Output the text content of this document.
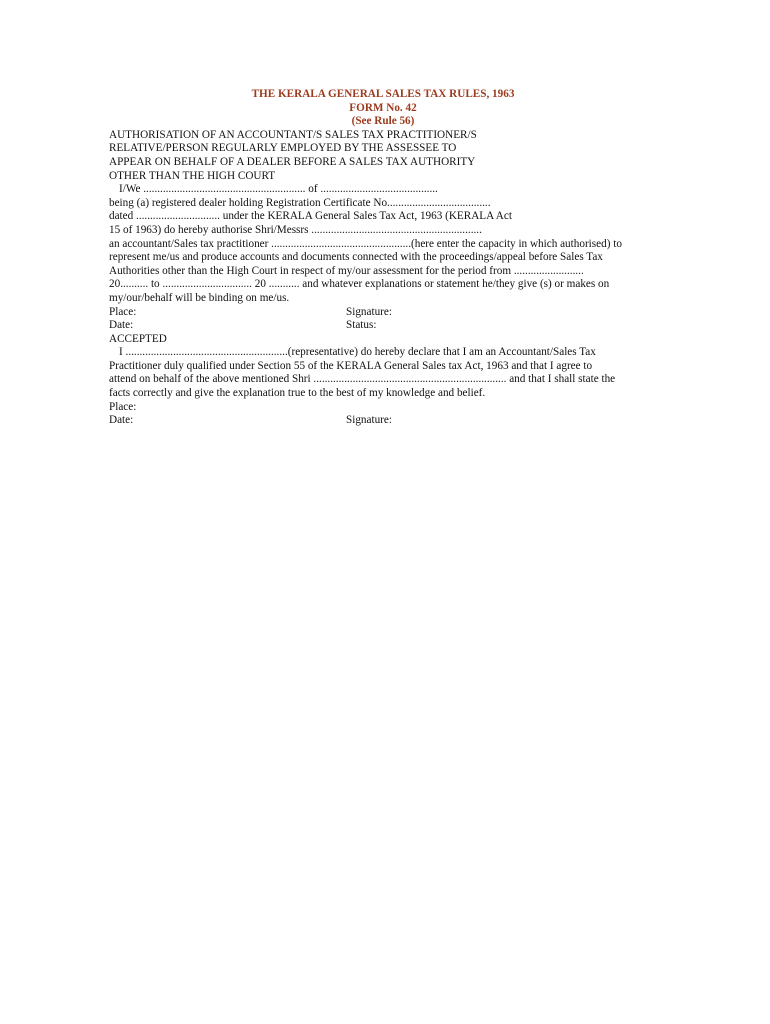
THE KERALA GENERAL SALES TAX RULES, 1963
FORM No. 42
(See Rule 56)
AUTHORISATION OF AN ACCOUNTANT/S SALES TAX PRACTITIONER/S
RELATIVE/PERSON REGULARLY EMPLOYED BY THE ASSESSEE TO
APPEAR ON BEHALF OF A DEALER BEFORE A SALES TAX AUTHORITY
OTHER THAN THE HIGH COURT
I/We .......................................................... of ..........................................
being (a) registered dealer holding Registration Certificate No.....................................
dated .............................. under the KERALA General Sales Tax Act, 1963 (KERALA Act
15 of 1963) do hereby authorise Shri/Messrs .............................................................
an accountant/Sales tax practitioner ..................................................(here enter the capacity in which authorised) to
represent me/us and produce accounts and documents connected with the proceedings/appeal before Sales Tax
Authorities other than the High Court in respect of my/our assessment for the period from .........................
20.......... to ................................ 20 ........... and whatever explanations or statement he/they give (s) or makes on
my/our/behalf will be binding on me/us.
Place:	Signature:
Date:	Status:
ACCEPTED
I ..........................................................(representative) do hereby declare that I am an Accountant/Sales Tax
Practitioner duly qualified under Section 55 of the KERALA General Sales tax Act, 1963 and that I agree to
attend on behalf of the above mentioned Shri ..................................................................... and that I shall state the
facts correctly and give the explanation true to the best of my knowledge and belief.
Place:
Date:	Signature:
